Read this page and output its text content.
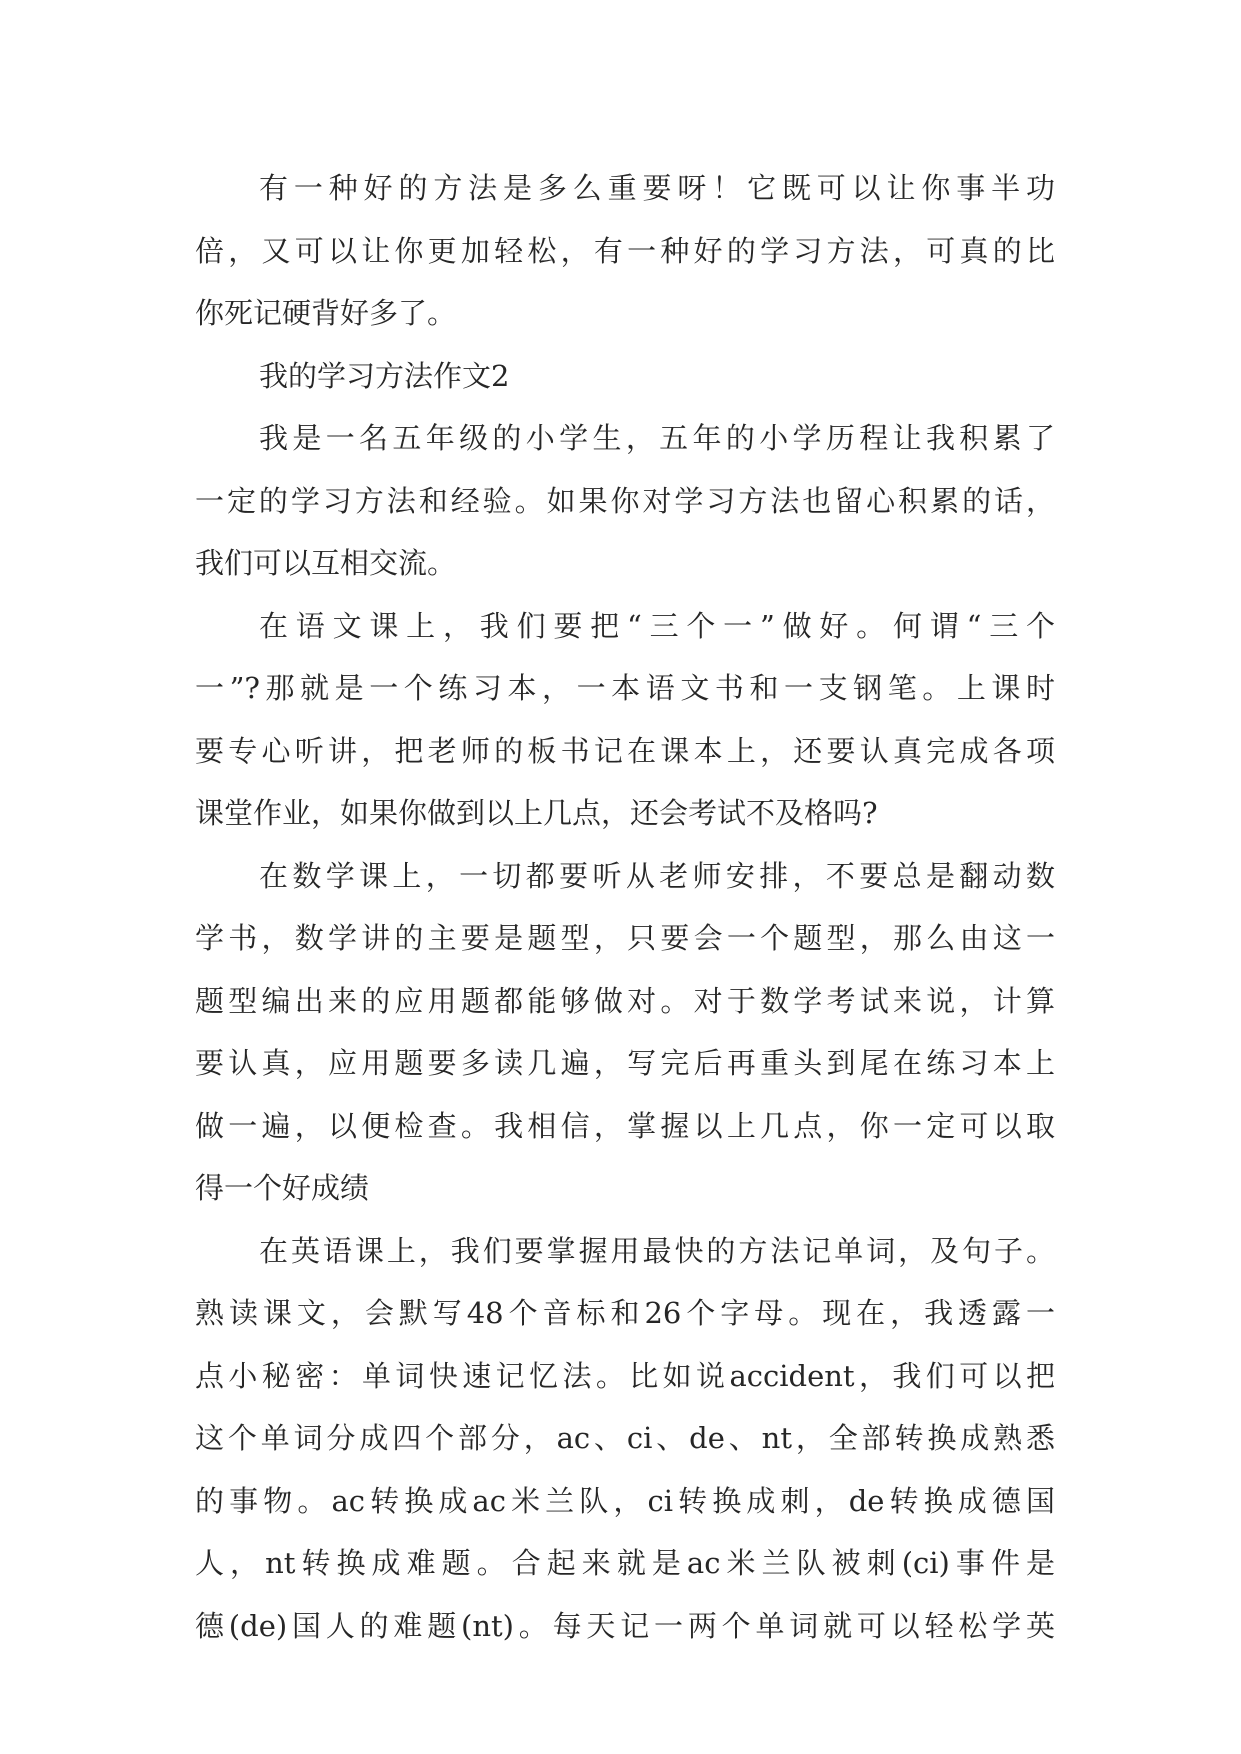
有一种好的方法是多么重要呀！它既可以让你事半功
倍，又可以让你更加轻松，有一种好的学习方法，可真的比
你死记硬背好多了。
我的学习方法作文2
我是一名五年级的小学生，五年的小学历程让我积累了
一定的学习方法和经验。如果你对学习方法也留心积累的话，
我们可以互相交流。
在语文课上，我们要把“三个一”做好。何谓“三个
一”?那就是一个练习本，一本语文书和一支钢笔。上课时
要专心听讲，把老师的板书记在课本上，还要认真完成各项
课堂作业，如果你做到以上几点，还会考试不及格吗?
在数学课上，一切都要听从老师安排，不要总是翻动数
学书，数学讲的主要是题型，只要会一个题型，那么由这一
题型编出来的应用题都能够做对。对于数学考试来说，计算
要认真，应用题要多读几遍，写完后再重头到尾在练习本上
做一遍，以便检查。我相信，掌握以上几点，你一定可以取
得一个好成绩
在英语课上，我们要掌握用最快的方法记单词，及句子。
熟读课文，会默写48个音标和26个字母。现在，我透露一
点小秘密：单词快速记忆法。比如说accident，我们可以把
这个单词分成四个部分，ac、ci、de、nt，全部转换成熟悉
的事物。ac转换成ac米兰队，ci转换成刺，de转换成德国
人，nt转换成难题。合起来就是ac米兰队被刺(ci)事件是
德(de)国人的难题(nt)。每天记一两个单词就可以轻松学英
